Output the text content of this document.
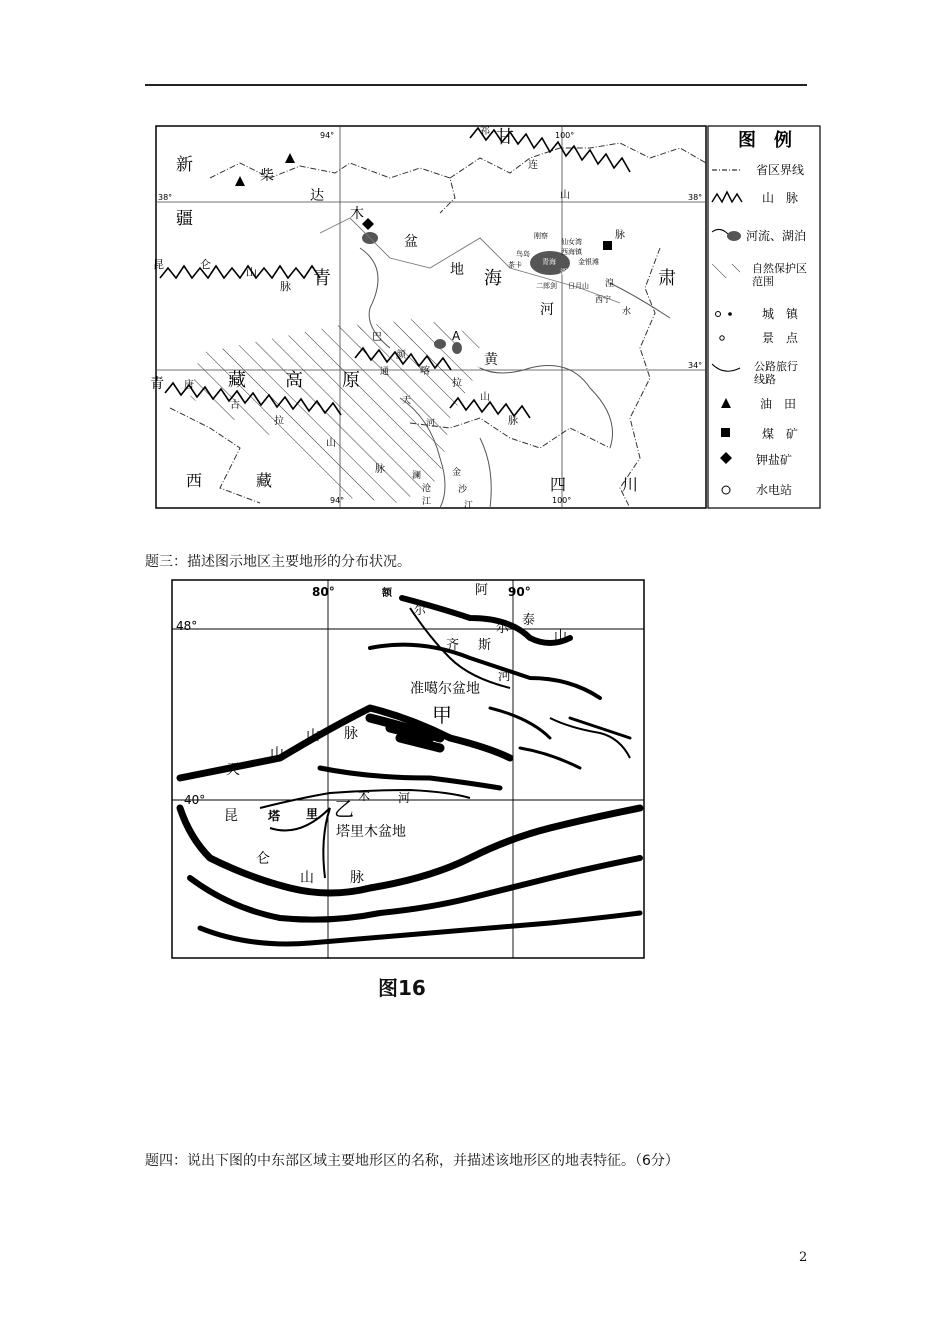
94°	100°
94°	100°
38°	38°
34°
新
疆
昆	仑
山
脉
柴
达
木
盆
地
青	海
甘
祁
连
山
脉
肃
河
黄
青 唐
古
拉
山
脉
藏 高 原
巴
颜
喀
拉
山
脉
通
天
河
澜
沧
江
金
沙
江
西	藏	四	川
A
刚察
鸟岛
仙女湾
西海镇
茶卡	青海
湖
金银滩
二郎剑 日月山 湟
水
西宁
图　例
省区界线
山　脉
河流、湖泊
自然保护区范围
城　镇
景　点
公路旅行线路
油　田
煤　矿
钾盐矿
水电站
题三：描述图示地区主要地形的分布状况。
80°	90°
48°
40°
额
尔
齐 斯
河
阿
尔
泰
山
准噶尔盆地
甲
天
山
山 脉
塔 里
木 河
乙
塔里木盆地
昆
仑
山	脉
图16
题四：说出下图的中东部区域主要地形区的名称，并描述该地形区的地表特征。（6分）
2
